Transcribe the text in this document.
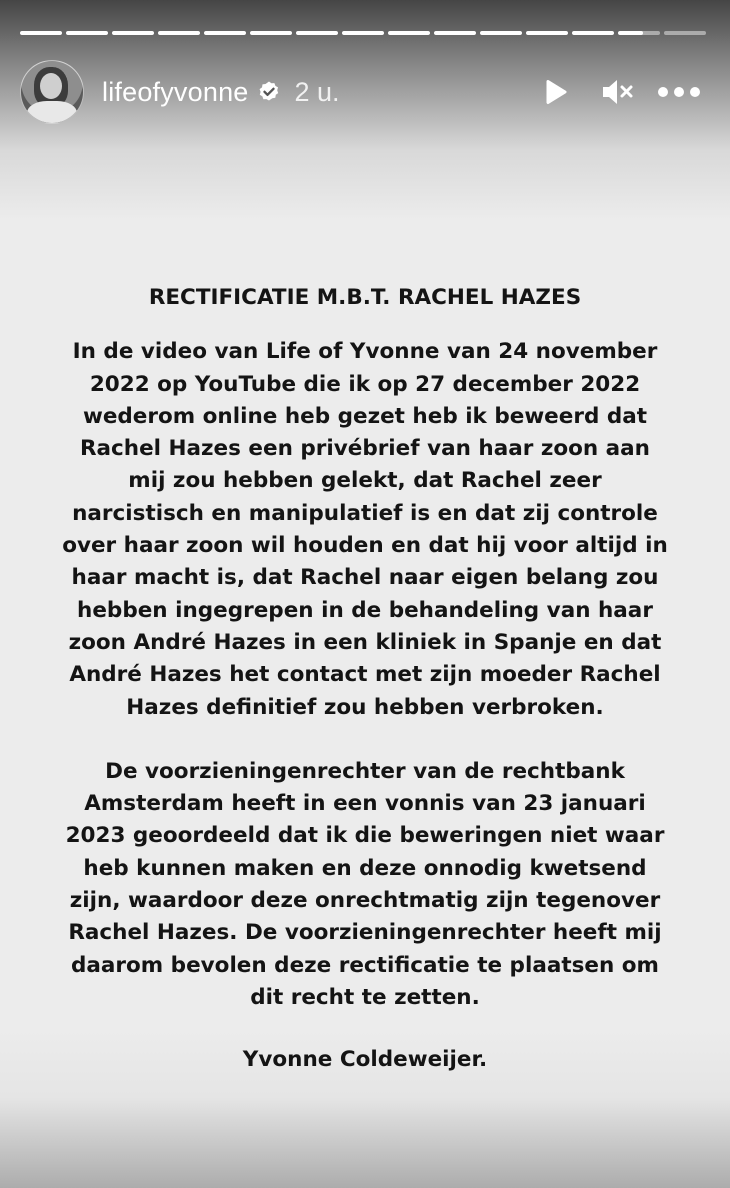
lifeofyvonne 2 u.
RECTIFICATIE M.B.T. RACHEL HAZES
In de video van Life of Yvonne van 24 november
2022 op YouTube die ik op 27 december 2022
wederom online heb gezet heb ik beweerd dat
Rachel Hazes een privébrief van haar zoon aan
mij zou hebben gelekt, dat Rachel zeer
narcistisch en manipulatief is en dat zij controle
over haar zoon wil houden en dat hij voor altijd in
haar macht is, dat Rachel naar eigen belang zou
hebben ingegrepen in de behandeling van haar
zoon André Hazes in een kliniek in Spanje en dat
André Hazes het contact met zijn moeder Rachel
Hazes definitief zou hebben verbroken.
De voorzieningenrechter van de rechtbank
Amsterdam heeft in een vonnis van 23 januari
2023 geoordeeld dat ik die beweringen niet waar
heb kunnen maken en deze onnodig kwetsend
zijn, waardoor deze onrechtmatig zijn tegenover
Rachel Hazes. De voorzieningenrechter heeft mij
daarom bevolen deze rectificatie te plaatsen om
dit recht te zetten.
Yvonne Coldeweijer.
